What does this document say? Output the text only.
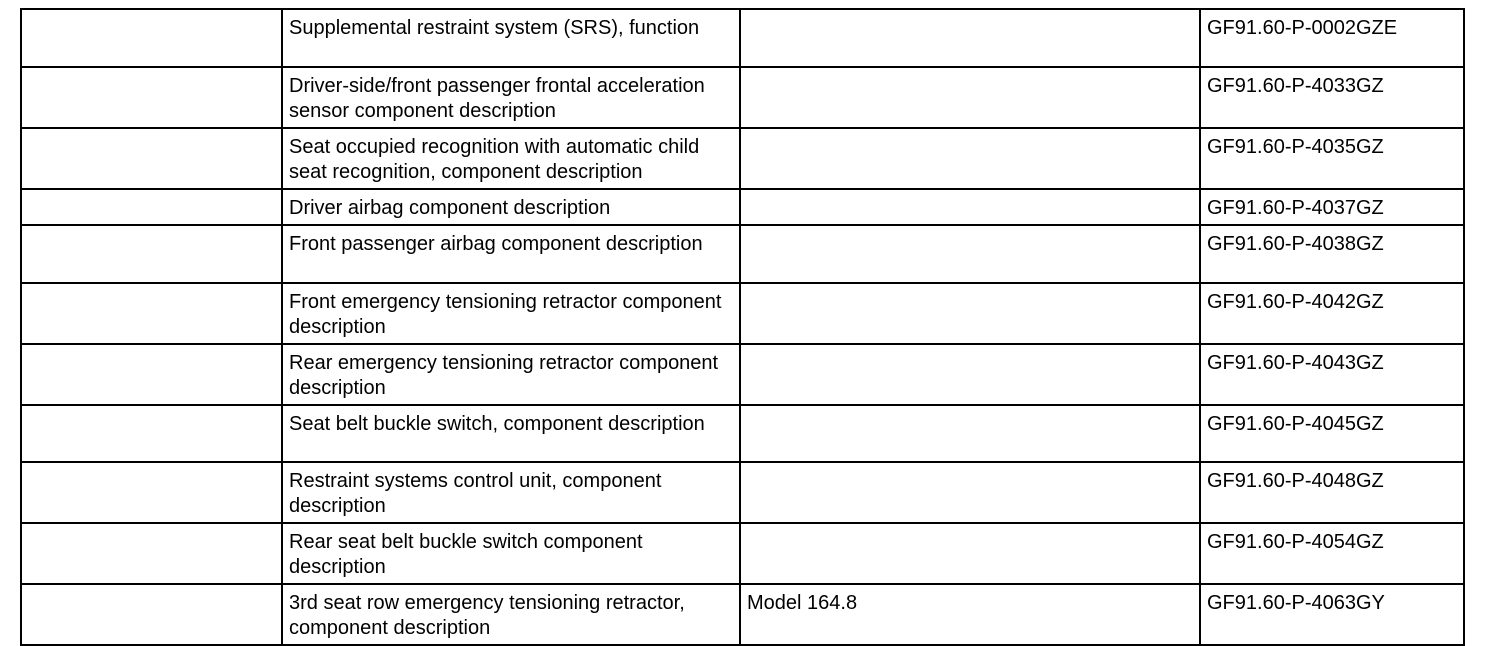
	Supplemental restraint system (SRS), function		GF91.60-P-0002GZE
	Driver-side/front passenger frontal acceleration sensor component description		GF91.60-P-4033GZ
	Seat occupied recognition with automatic child seat recognition, component description		GF91.60-P-4035GZ
	Driver airbag component description		GF91.60-P-4037GZ
	Front passenger airbag component description		GF91.60-P-4038GZ
	Front emergency tensioning retractor component description		GF91.60-P-4042GZ
	Rear emergency tensioning retractor component description		GF91.60-P-4043GZ
	Seat belt buckle switch, component description		GF91.60-P-4045GZ
	Restraint systems control unit, component description		GF91.60-P-4048GZ
	Rear seat belt buckle switch component description		GF91.60-P-4054GZ
	3rd seat row emergency tensioning retractor, component description	Model 164.8	GF91.60-P-4063GY
